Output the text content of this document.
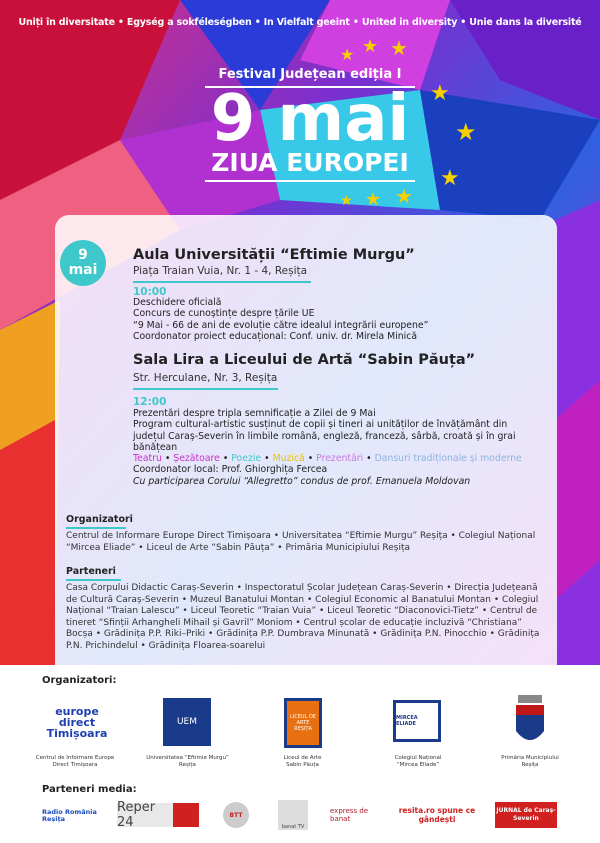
★ ★ ★
★
★
★
★
★
★
Uniți în diversitate • Egység a sokféleségben • In Vielfalt geeint • United in diversity • Unie dans la diversité
Festival Județean ediția I
9 mai
ZIUA EUROPEI
9
mai
Aula Universității “Eftimie Murgu”
Piața Traian Vuia, Nr. 1 - 4, Reșița
10:00
Deschidere oficială
Concurs de cunoștințe despre țările UE
“9 Mai - 66 de ani de evoluție către idealul integrării europene”
Coordonator proiect educațional: Conf. univ. dr. Mirela Minică
Sala Lira a Liceului de Artă “Sabin Păuța”
Str. Herculane, Nr. 3, Reșița
12:00
Prezentări despre tripla semnificație a Zilei de 9 Mai
Program cultural-artistic susținut de copii și tineri ai unităților de învățământ din județul Caraș-Severin în limbile română, engleză, franceză, sârbă, croată și în grai bănățean
Teatru • Șezătoare • Poezie • Muzică • Prezentări • Dansuri tradiționale și moderne
Coordonator local: Prof. Ghiorghița Fercea
Cu participarea Corului “Allegretto” condus de prof. Emanuela Moldovan
Organizatori
Centrul de Informare Europe Direct Timișoara • Universitatea “Eftimie Murgu” Reșița • Colegiul Național “Mircea Eliade” • Liceul de Arte “Sabin Păuța” • Primăria Municipiului Reșița
Parteneri
Casa Corpului Didactic Caraș-Severin • Inspectoratul Școlar Județean Caraș-Severin • Direcția Județeană de Cultură Caraș-Severin • Muzeul Banatului Montan • Colegiul Economic al Banatului Montan • Colegiul Național “Traian Lalescu” • Liceul Teoretic “Traian Vuia” • Liceul Teoretic “Diaconovici-Tietz” • Centrul de tineret “Sfinții Arhangheli Mihail și Gavril” Moniom • Centrul școlar de educație incluzivă “Christiana” Bocșa • Grădinița P.P. Riki–Priki • Grădinița P.P. Dumbrava Minunată • Grădinița P.N. Pinocchio • Grădinița P.N. Prichindelul • Grădinița Floarea-soarelui
Organizatori:
europe direct Timișoara
UEM	LICEUL DE ARTE REȘIȚA
MIRCEA ELIADE
Centrul de Informare Europe Direct Timișoara
Universitatea “Eftimie Murgu” Reșița
Liceul de Arte Sabin Păuța
Colegiul Național “Mircea Eliade”
Primăria Municipiului Reșița
Parteneri media:
Radio România Reșița
Reper 24	BTT
banat TV
express de banat
resita.ro spune ce gândești
JURNAL de Caraș-Severin
